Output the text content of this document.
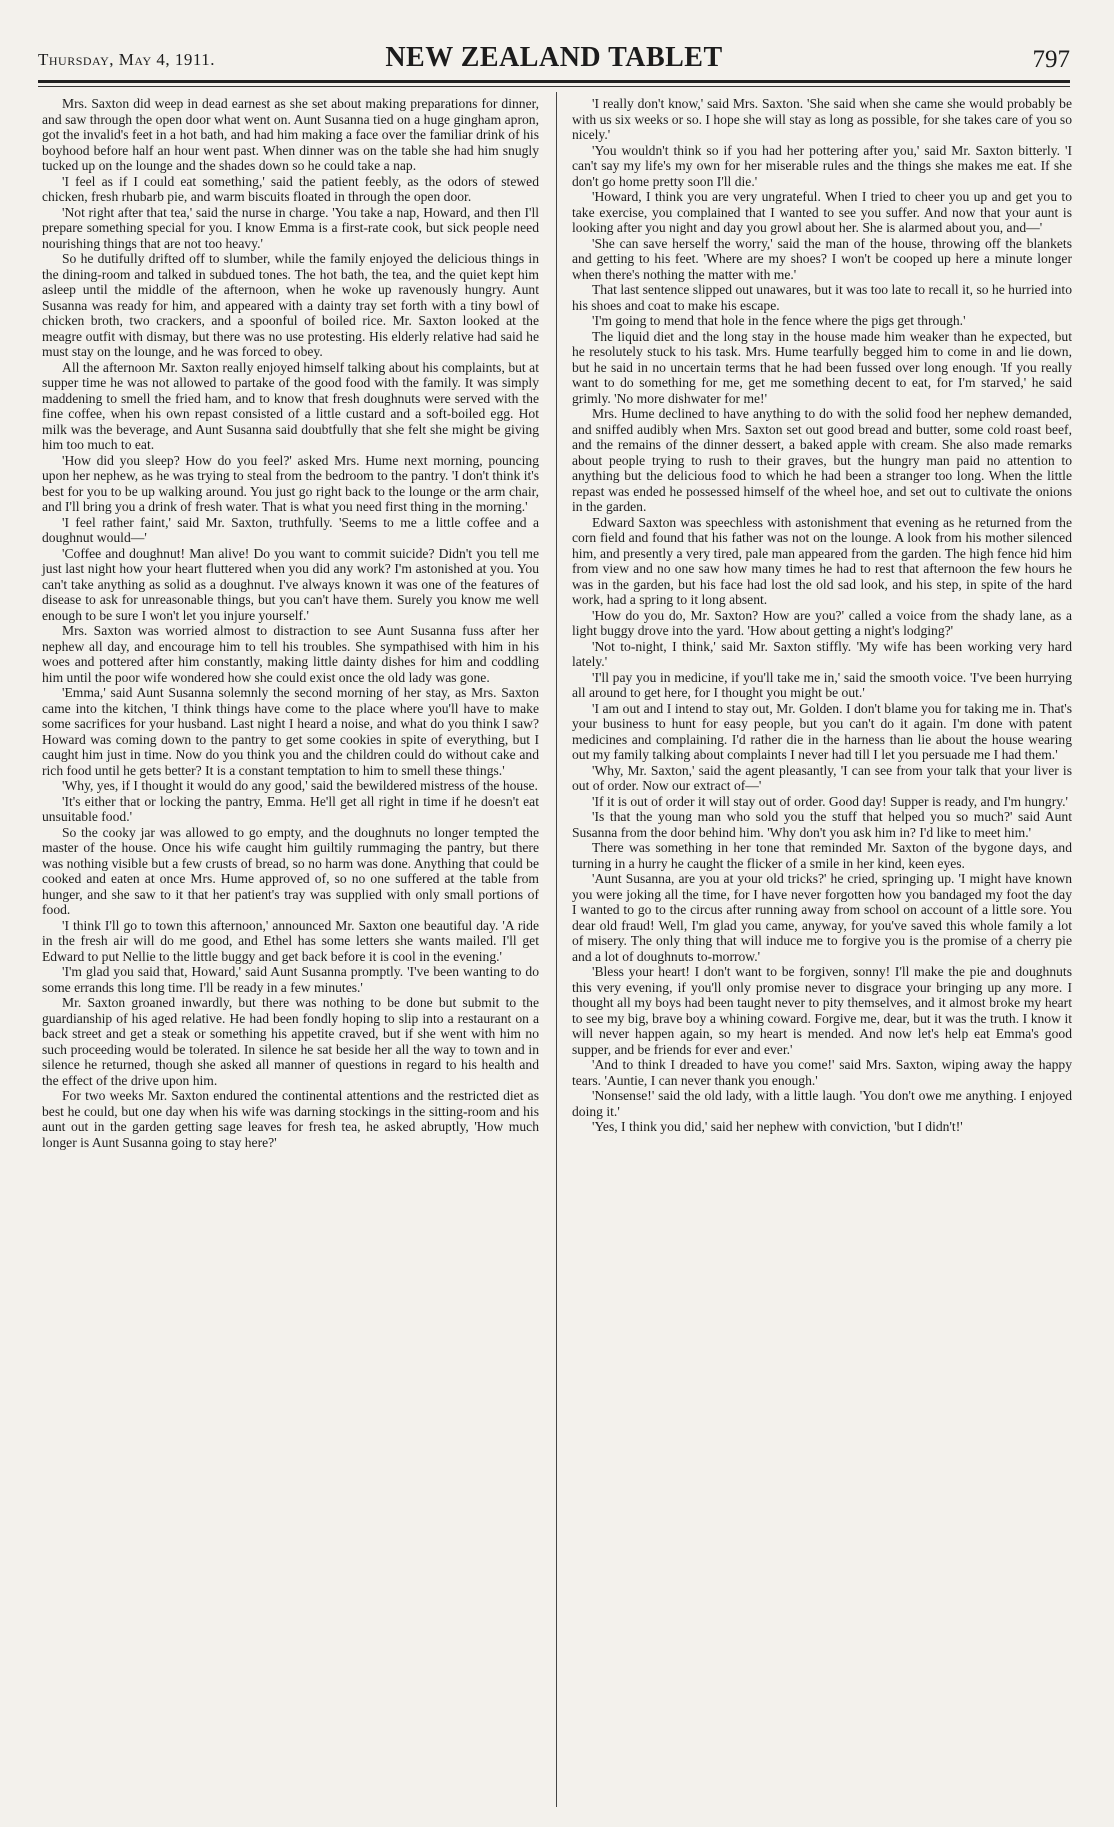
Thursday, May 4, 1911.	NEW ZEALAND TABLET	797

Mrs. Saxton did weep in dead earnest as she set about making preparations for dinner, and saw through the open door what went on. Aunt Susanna tied on a huge gingham apron, got the invalid's feet in a hot bath, and had him making a face over the familiar drink of his boyhood before half an hour went past. When dinner was on the table she had him snugly tucked up on the lounge and the shades down so he could take a nap.

'I feel as if I could eat something,' said the patient feebly, as the odors of stewed chicken, fresh rhubarb pie, and warm biscuits floated in through the open door.

'Not right after that tea,' said the nurse in charge. 'You take a nap, Howard, and then I'll prepare something special for you. I know Emma is a first-rate cook, but sick people need nourishing things that are not too heavy.'

So he dutifully drifted off to slumber, while the family enjoyed the delicious things in the dining-room and talked in subdued tones. The hot bath, the tea, and the quiet kept him asleep until the middle of the afternoon, when he woke up ravenously hungry. Aunt Susanna was ready for him, and appeared with a dainty tray set forth with a tiny bowl of chicken broth, two crackers, and a spoonful of boiled rice. Mr. Saxton looked at the meagre outfit with dismay, but there was no use protesting. His elderly relative had said he must stay on the lounge, and he was forced to obey.

All the afternoon Mr. Saxton really enjoyed himself talking about his complaints, but at supper time he was not allowed to partake of the good food with the family. It was simply maddening to smell the fried ham, and to know that fresh doughnuts were served with the fine coffee, when his own repast consisted of a little custard and a soft-boiled egg. Hot milk was the beverage, and Aunt Susanna said doubtfully that she felt she might be giving him too much to eat.

'How did you sleep? How do you feel?' asked Mrs. Hume next morning, pouncing upon her nephew, as he was trying to steal from the bedroom to the pantry. 'I don't think it's best for you to be up walking around. You just go right back to the lounge or the arm chair, and I'll bring you a drink of fresh water. That is what you need first thing in the morning.'

'I feel rather faint,' said Mr. Saxton, truthfully. 'Seems to me a little coffee and a doughnut would—'

'Coffee and doughnut! Man alive! Do you want to commit suicide? Didn't you tell me just last night how your heart fluttered when you did any work? I'm astonished at you. You can't take anything as solid as a doughnut. I've always known it was one of the features of disease to ask for unreasonable things, but you can't have them. Surely you know me well enough to be sure I won't let you injure yourself.'

Mrs. Saxton was worried almost to distraction to see Aunt Susanna fuss after her nephew all day, and encourage him to tell his troubles. She sympathised with him in his woes and pottered after him constantly, making little dainty dishes for him and coddling him until the poor wife wondered how she could exist once the old lady was gone.

'Emma,' said Aunt Susanna solemnly the second morning of her stay, as Mrs. Saxton came into the kitchen, 'I think things have come to the place where you'll have to make some sacrifices for your husband. Last night I heard a noise, and what do you think I saw? Howard was coming down to the pantry to get some cookies in spite of everything, but I caught him just in time. Now do you think you and the children could do without cake and rich food until he gets better? It is a constant temptation to him to smell these things.'

'Why, yes, if I thought it would do any good,' said the bewildered mistress of the house.

'It's either that or locking the pantry, Emma. He'll get all right in time if he doesn't eat unsuitable food.'

So the cooky jar was allowed to go empty, and the doughnuts no longer tempted the master of the house. Once his wife caught him guiltily rummaging the pantry, but there was nothing visible but a few crusts of bread, so no harm was done. Anything that could be cooked and eaten at once Mrs. Hume approved of, so no one suffered at the table from hunger, and she saw to it that her patient's tray was supplied with only small portions of food.

'I think I'll go to town this afternoon,' announced Mr. Saxton one beautiful day. 'A ride in the fresh air will do me good, and Ethel has some letters she wants mailed. I'll get Edward to put Nellie to the little buggy and get back before it is cool in the evening.'

'I'm glad you said that, Howard,' said Aunt Susanna promptly. 'I've been wanting to do some errands this long time. I'll be ready in a few minutes.'

Mr. Saxton groaned inwardly, but there was nothing to be done but submit to the guardianship of his aged relative. He had been fondly hoping to slip into a restaurant on a back street and get a steak or something his appetite craved, but if she went with him no such proceeding would be tolerated. In silence he sat beside her all the way to town and in silence he returned, though she asked all manner of questions in regard to his health and the effect of the drive upon him.

For two weeks Mr. Saxton endured the continental attentions and the restricted diet as best he could, but one day when his wife was darning stockings in the sitting-room and his aunt out in the garden getting sage leaves for fresh tea, he asked abruptly, 'How much longer is Aunt Susanna going to stay here?'

'I really don't know,' said Mrs. Saxton. 'She said when she came she would probably be with us six weeks or so. I hope she will stay as long as possible, for she takes care of you so nicely.'

'You wouldn't think so if you had her pottering after you,' said Mr. Saxton bitterly. 'I can't say my life's my own for her miserable rules and the things she makes me eat. If she don't go home pretty soon I'll die.'

'Howard, I think you are very ungrateful. When I tried to cheer you up and get you to take exercise, you complained that I wanted to see you suffer. And now that your aunt is looking after you night and day you growl about her. She is alarmed about you, and—'

'She can save herself the worry,' said the man of the house, throwing off the blankets and getting to his feet. 'Where are my shoes? I won't be cooped up here a minute longer when there's nothing the matter with me.'

That last sentence slipped out unawares, but it was too late to recall it, so he hurried into his shoes and coat to make his escape.

'I'm going to mend that hole in the fence where the pigs get through.'

The liquid diet and the long stay in the house made him weaker than he expected, but he resolutely stuck to his task. Mrs. Hume tearfully begged him to come in and lie down, but he said in no uncertain terms that he had been fussed over long enough. 'If you really want to do something for me, get me something decent to eat, for I'm starved,' he said grimly. 'No more dishwater for me!'

Mrs. Hume declined to have anything to do with the solid food her nephew demanded, and sniffed audibly when Mrs. Saxton set out good bread and butter, some cold roast beef, and the remains of the dinner dessert, a baked apple with cream. She also made remarks about people trying to rush to their graves, but the hungry man paid no attention to anything but the delicious food to which he had been a stranger too long. When the little repast was ended he possessed himself of the wheel hoe, and set out to cultivate the onions in the garden.

Edward Saxton was speechless with astonishment that evening as he returned from the corn field and found that his father was not on the lounge. A look from his mother silenced him, and presently a very tired, pale man appeared from the garden. The high fence hid him from view and no one saw how many times he had to rest that afternoon the few hours he was in the garden, but his face had lost the old sad look, and his step, in spite of the hard work, had a spring to it long absent.

'How do you do, Mr. Saxton? How are you?' called a voice from the shady lane, as a light buggy drove into the yard. 'How about getting a night's lodging?'

'Not to-night, I think,' said Mr. Saxton stiffly. 'My wife has been working very hard lately.'

'I'll pay you in medicine, if you'll take me in,' said the smooth voice. 'I've been hurrying all around to get here, for I thought you might be out.'

'I am out and I intend to stay out, Mr. Golden. I don't blame you for taking me in. That's your business to hunt for easy people, but you can't do it again. I'm done with patent medicines and complaining. I'd rather die in the harness than lie about the house wearing out my family talking about complaints I never had till I let you persuade me I had them.'

'Why, Mr. Saxton,' said the agent pleasantly, 'I can see from your talk that your liver is out of order. Now our extract of—'

'If it is out of order it will stay out of order. Good day! Supper is ready, and I'm hungry.'

'Is that the young man who sold you the stuff that helped you so much?' said Aunt Susanna from the door behind him. 'Why don't you ask him in? I'd like to meet him.'

There was something in her tone that reminded Mr. Saxton of the bygone days, and turning in a hurry he caught the flicker of a smile in her kind, keen eyes.

'Aunt Susanna, are you at your old tricks?' he cried, springing up. 'I might have known you were joking all the time, for I have never forgotten how you bandaged my foot the day I wanted to go to the circus after running away from school on account of a little sore. You dear old fraud! Well, I'm glad you came, anyway, for you've saved this whole family a lot of misery. The only thing that will induce me to forgive you is the promise of a cherry pie and a lot of doughnuts to-morrow.'

'Bless your heart! I don't want to be forgiven, sonny! I'll make the pie and doughnuts this very evening, if you'll only promise never to disgrace your bringing up any more. I thought all my boys had been taught never to pity themselves, and it almost broke my heart to see my big, brave boy a whining coward. Forgive me, dear, but it was the truth. I know it will never happen again, so my heart is mended. And now let's help eat Emma's good supper, and be friends for ever and ever.'

'And to think I dreaded to have you come!' said Mrs. Saxton, wiping away the happy tears. 'Auntie, I can never thank you enough.'

'Nonsense!' said the old lady, with a little laugh. 'You don't owe me anything. I enjoyed doing it.'

'Yes, I think you did,' said her nephew with conviction, 'but I didn't!'
